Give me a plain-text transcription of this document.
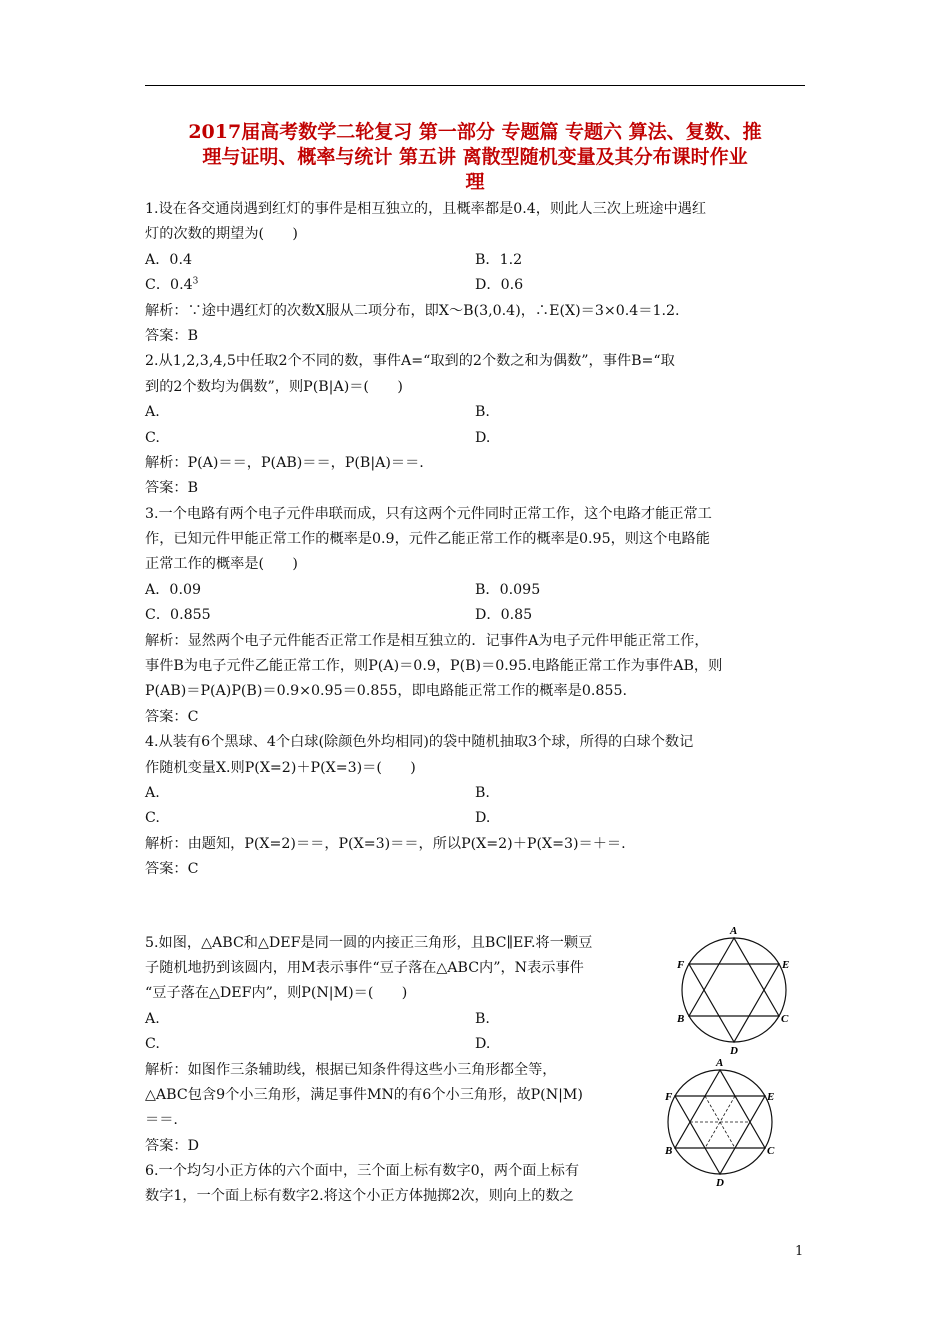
2017届高考数学二轮复习 第一部分 专题篇 专题六 算法、复数、推
理与证明、概率与统计 第五讲 离散型随机变量及其分布课时作业
理
1.设在各交通岗遇到红灯的事件是相互独立的，且概率都是0.4，则此人三次上班途中遇红
灯的次数的期望为(　　)
A．0.4	B．1.2
C．$0.4^3$	D．0.6
解析：∵途中遇红灯的次数X服从二项分布，即X～B(3,0.4)，∴E(X)＝3×0.4＝1.2.
答案：B
2.从1,2,3,4,5中任取2个不同的数，事件A=“取到的2个数之和为偶数”，事件B=“取
到的2个数均为偶数”，则P(B|A)＝(　　)
A.	B.
C.	D.
解析：P(A)＝＝，P(AB)＝＝，P(B|A)＝＝.
答案：B
3.一个电路有两个电子元件串联而成，只有这两个元件同时正常工作，这个电路才能正常工
作，已知元件甲能正常工作的概率是0.9，元件乙能正常工作的概率是0.95，则这个电路能
正常工作的概率是(　　)
A．0.09	B．0.095
C．0.855	D．0.85
解析：显然两个电子元件能否正常工作是相互独立的．记事件A为电子元件甲能正常工作，
事件B为电子元件乙能正常工作，则P(A)＝0.9，P(B)＝0.95.电路能正常工作为事件AB，则
P(AB)＝P(A)P(B)＝0.9×0.95＝0.855，即电路能正常工作的概率是0.855.
答案：C
4.从装有6个黑球、4个白球(除颜色外均相同)的袋中随机抽取3个球，所得的白球个数记
作随机变量X.则P(X=2)＋P(X=3)＝(　　)
A.	B.
C.	D.
解析：由题知，P(X=2)＝＝，P(X=3)＝＝，所以P(X=2)＋P(X=3)＝＋＝.
答案：C
5.如图，△ABC和△DEF是同一圆的内接正三角形，且BC∥EF.将一颗豆
子随机地扔到该圆内，用M表示事件“豆子落在△ABC内”，N表示事件
“豆子落在△DEF内”，则P(N|M)＝(　　)
A.	B.
C.	D.
解析：如图作三条辅助线，根据已知条件得这些小三角形都全等，
△ABC包含9个小三角形，满足事件MN的有6个小三角形，故P(N|M)
＝＝.
答案：D
6.一个均匀小正方体的六个面中，三个面上标有数字0，两个面上标有
数字1，一个面上标有数字2.将这个小正方体抛掷2次，则向上的数之
A
F	E
B	C
D
A
F	E
B	C
D
1
